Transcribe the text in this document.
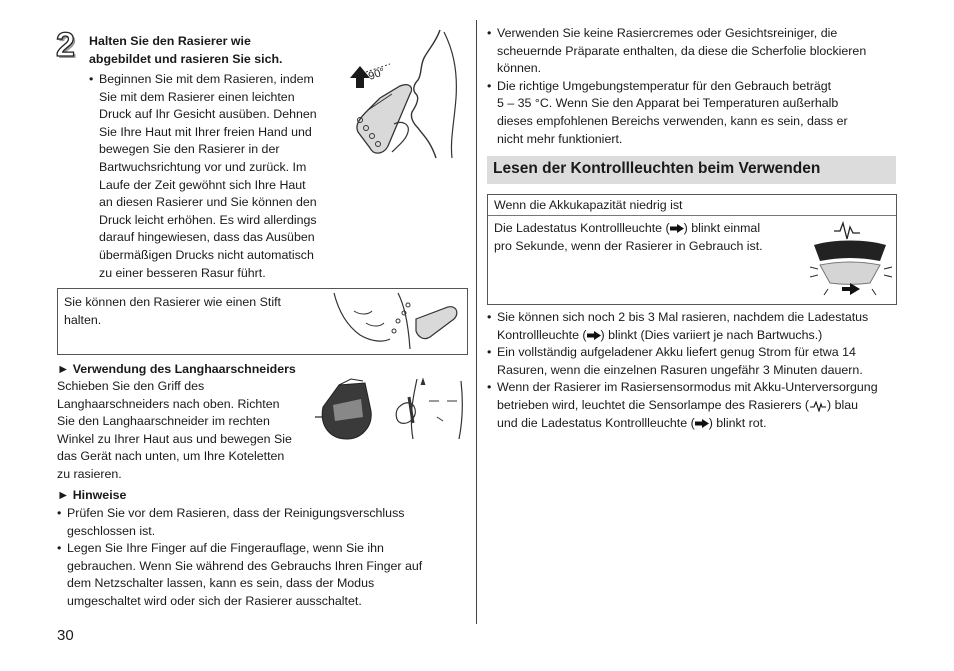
2 Halten Sie den Rasierer wie
abgebildet und rasieren Sie sich.
• Beginnen Sie mit dem Rasieren, indem
Sie mit dem Rasierer einen leichten
Druck auf Ihr Gesicht ausüben. Dehnen
Sie Ihre Haut mit Ihrer freien Hand und
bewegen Sie den Rasierer in der
Bartwuchsrichtung vor und zurück. Im
Laufe der Zeit gewöhnt sich Ihre Haut
an diesen Rasierer und Sie können den
Druck leicht erhöhen. Es wird allerdings
darauf hingewiesen, dass das Ausüben
übermäßigen Drucks nicht automatisch
zu einer besseren Rasur führt.
90°
Sie können den Rasierer wie einen Stift
halten.
► Verwendung des Langhaarschneiders
Schieben Sie den Griff des
Langhaarschneiders nach oben. Richten
Sie den Langhaarschneider im rechten
Winkel zu Ihrer Haut aus und bewegen Sie
das Gerät nach unten, um Ihre Koteletten
zu rasieren.
► Hinweise
• Prüfen Sie vor dem Rasieren, dass der Reinigungsverschluss
geschlossen ist.
• Legen Sie Ihre Finger auf die Fingerauflage, wenn Sie ihn
gebrauchen. Wenn Sie während des Gebrauchs Ihren Finger auf
dem Netzschalter lassen, kann es sein, dass der Modus
umgeschaltet wird oder sich der Rasierer ausschaltet.
30
• Verwenden Sie keine Rasiercremes oder Gesichtsreiniger, die
scheuernde Präparate enthalten, da diese die Scherfolie blockieren
können.
• Die richtige Umgebungstemperatur für den Gebrauch beträgt
5 – 35 °C. Wenn Sie den Apparat bei Temperaturen außerhalb
dieses empfohlenen Bereichs verwenden, kann es sein, dass er
nicht mehr funktioniert.
Lesen der Kontrollleuchten beim Verwenden
Wenn die Akkukapazität niedrig ist
Die Ladestatus Kontrollleuchte ( ) blinkt einmal
pro Sekunde, wenn der Rasierer in Gebrauch ist.
• Sie können sich noch 2 bis 3 Mal rasieren, nachdem die Ladestatus
Kontrollleuchte ( ) blinkt (Dies variiert je nach Bartwuchs.)
• Ein vollständig aufgeladener Akku liefert genug Strom für etwa 14
Rasuren, wenn die einzelnen Rasuren ungefähr 3 Minuten dauern.
• Wenn der Rasierer im Rasiersensormodus mit Akku-Unterversorgung
betrieben wird, leuchtet die Sensorlampe des Rasierers ( ) blau
und die Ladestatus Kontrollleuchte ( ) blinkt rot.
